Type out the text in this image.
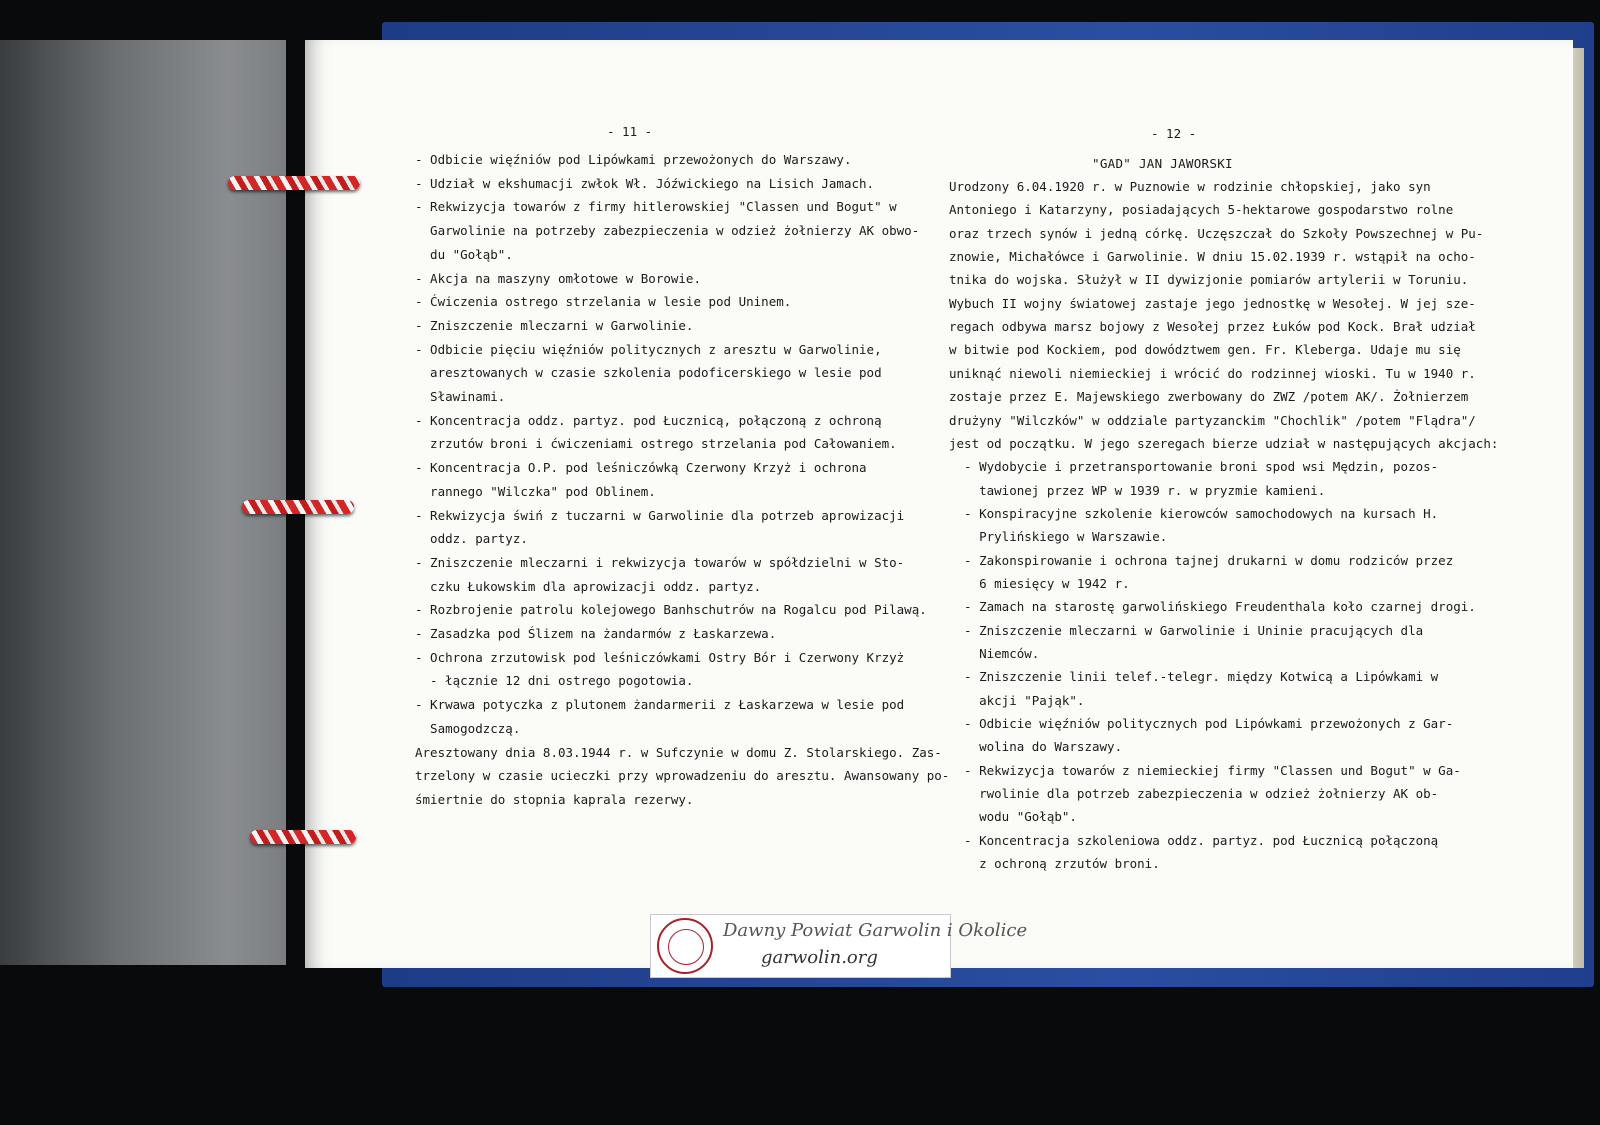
- 11 -	- 12 -
"GAD" JAN JAWORSKI
- Odbicie więźniów pod Lipówkami przewożonych do Warszawy.
- Udział w ekshumacji zwłok Wł. Jóźwickiego na Lisich Jamach.
- Rekwizycja towarów z firmy hitlerowskiej "Classen und Bogut" w
Garwolinie na potrzeby zabezpieczenia w odzież żołnierzy AK obwo-
du "Gołąb".
- Akcja na maszyny omłotowe w Borowie.
- Ćwiczenia ostrego strzelania w lesie pod Uninem.
- Zniszczenie mleczarni w Garwolinie.
- Odbicie pięciu więźniów politycznych z aresztu w Garwolinie,
aresztowanych w czasie szkolenia podoficerskiego w lesie pod
Sławinami.
- Koncentracja oddz. partyz. pod Łucznicą, połączoną z ochroną
zrzutów broni i ćwiczeniami ostrego strzelania pod Całowaniem.
- Koncentracja O.P. pod leśniczówką Czerwony Krzyż i ochrona
rannego "Wilczka" pod Oblinem.
- Rekwizycja świń z tuczarni w Garwolinie dla potrzeb aprowizacji
oddz. partyz.
- Zniszczenie mleczarni i rekwizycja towarów w spółdzielni w Sto-
czku Łukowskim dla aprowizacji oddz. partyz.
- Rozbrojenie patrolu kolejowego Banhschutrów na Rogalcu pod Pilawą.
- Zasadzka pod Ślizem na żandarmów z Łaskarzewa.
- Ochrona zrzutowisk pod leśniczówkami Ostry Bór i Czerwony Krzyż
- łącznie 12 dni ostrego pogotowia.
- Krwawa potyczka z plutonem żandarmerii z Łaskarzewa w lesie pod
Samogodzczą.
Aresztowany dnia 8.03.1944 r. w Sufczynie w domu Z. Stolarskiego. Zas-
trzelony w czasie ucieczki przy wprowadzeniu do aresztu. Awansowany po-
śmiertnie do stopnia kaprala rezerwy.
Urodzony 6.04.1920 r. w Puznowie w rodzinie chłopskiej, jako syn
Antoniego i Katarzyny, posiadających 5-hektarowe gospodarstwo rolne
oraz trzech synów i jedną córkę. Uczęszczał do Szkoły Powszechnej w Pu-
znowie, Michałówce i Garwolinie. W dniu 15.02.1939 r. wstąpił na ocho-
tnika do wojska. Służył w II dywizjonie pomiarów artylerii w Toruniu.
Wybuch II wojny światowej zastaje jego jednostkę w Wesołej. W jej sze-
regach odbywa marsz bojowy z Wesołej przez Łuków pod Kock. Brał udział
w bitwie pod Kockiem, pod dowództwem gen. Fr. Kleberga. Udaje mu się
uniknąć niewoli niemieckiej i wrócić do rodzinnej wioski. Tu w 1940 r.
zostaje przez E. Majewskiego zwerbowany do ZWZ /potem AK/. Żołnierzem
drużyny "Wilczków" w oddziale partyzanckim "Chochlik" /potem "Flądra"/
jest od początku. W jego szeregach bierze udział w następujących akcjach:
- Wydobycie i przetransportowanie broni spod wsi Mędzin, pozos-
tawionej przez WP w 1939 r. w pryzmie kamieni.
- Konspiracyjne szkolenie kierowców samochodowych na kursach H.
Prylińskiego w Warszawie.
- Zakonspirowanie i ochrona tajnej drukarni w domu rodziców przez
6 miesięcy w 1942 r.
- Zamach na starostę garwolińskiego Freudenthala koło czarnej drogi.
- Zniszczenie mleczarni w Garwolinie i Uninie pracujących dla
Niemców.
- Zniszczenie linii telef.-telegr. między Kotwicą a Lipówkami w
akcji "Pająk".
- Odbicie więźniów politycznych pod Lipówkami przewożonych z Gar-
wolina do Warszawy.
- Rekwizycja towarów z niemieckiej firmy "Classen und Bogut" w Ga-
rwolinie dla potrzeb zabezpieczenia w odzież żołnierzy AK ob-
wodu "Gołąb".
- Koncentracja szkoleniowa oddz. partyz. pod Łucznicą połączoną
z ochroną zrzutów broni.
Dawny Powiat Garwolin i Okolice
garwolin.org
